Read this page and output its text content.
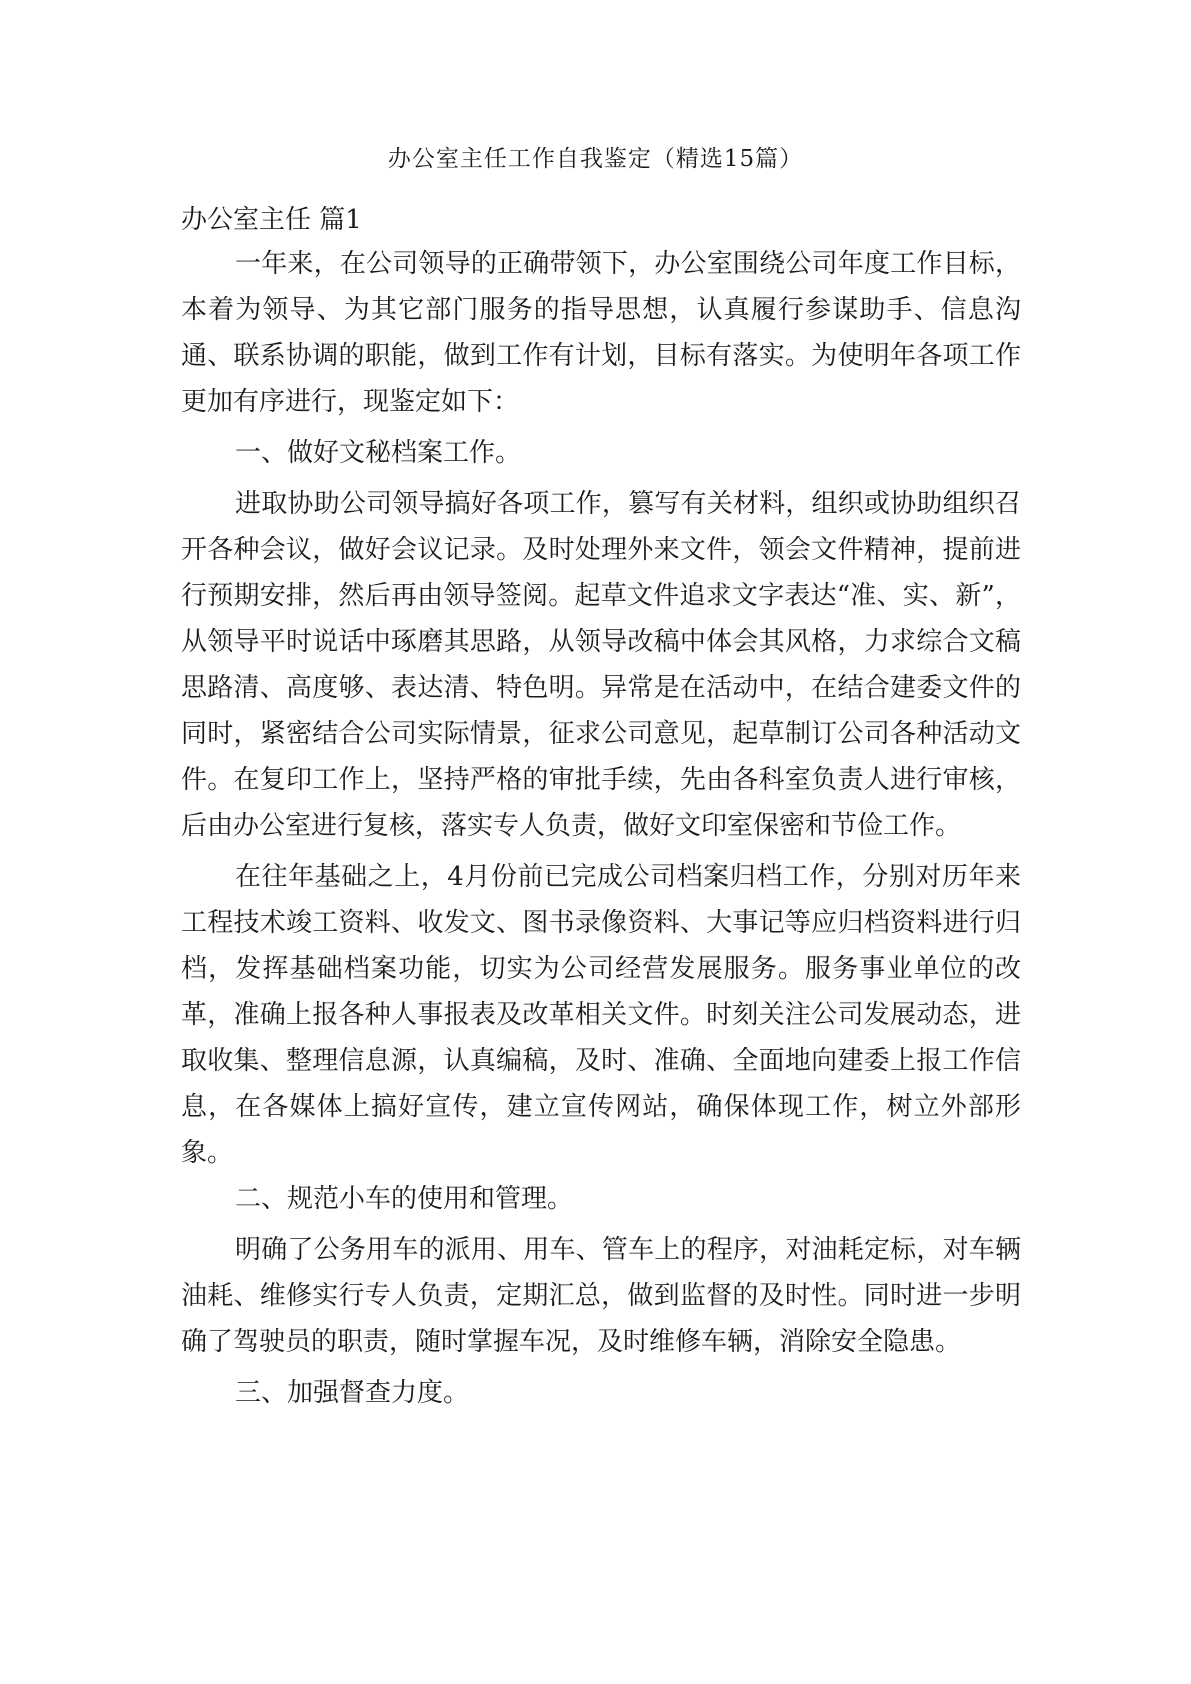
办公室主任工作自我鉴定（精选15篇）
办公室主任 篇1

一年来，在公司领导的正确带领下，办公室围绕公司年度工作目标，本着为领导、为其它部门服务的指导思想，认真履行参谋助手、信息沟通、联系协调的职能，做到工作有计划，目标有落实。为使明年各项工作更加有序进行，现鉴定如下：

一、做好文秘档案工作。

进取协助公司领导搞好各项工作，篡写有关材料，组织或协助组织召开各种会议，做好会议记录。及时处理外来文件，领会文件精神，提前进行预期安排，然后再由领导签阅。起草文件追求文字表达“准、实、新”，从领导平时说话中琢磨其思路，从领导改稿中体会其风格，力求综合文稿思路清、高度够、表达清、特色明。异常是在活动中，在结合建委文件的同时，紧密结合公司实际情景，征求公司意见，起草制订公司各种活动文件。在复印工作上，坚持严格的审批手续，先由各科室负责人进行审核，后由办公室进行复核，落实专人负责，做好文印室保密和节俭工作。

在往年基础之上，4月份前已完成公司档案归档工作，分别对历年来工程技术竣工资料、收发文、图书录像资料、大事记等应归档资料进行归档，发挥基础档案功能，切实为公司经营发展服务。服务事业单位的改革，准确上报各种人事报表及改革相关文件。时刻关注公司发展动态，进取收集、整理信息源，认真编稿，及时、准确、全面地向建委上报工作信息，在各媒体上搞好宣传，建立宣传网站，确保体现工作，树立外部形象。

二、规范小车的使用和管理。

明确了公务用车的派用、用车、管车上的程序，对油耗定标，对车辆油耗、维修实行专人负责，定期汇总，做到监督的及时性。同时进一步明确了驾驶员的职责，随时掌握车况，及时维修车辆，消除安全隐患。

三、加强督查力度。
